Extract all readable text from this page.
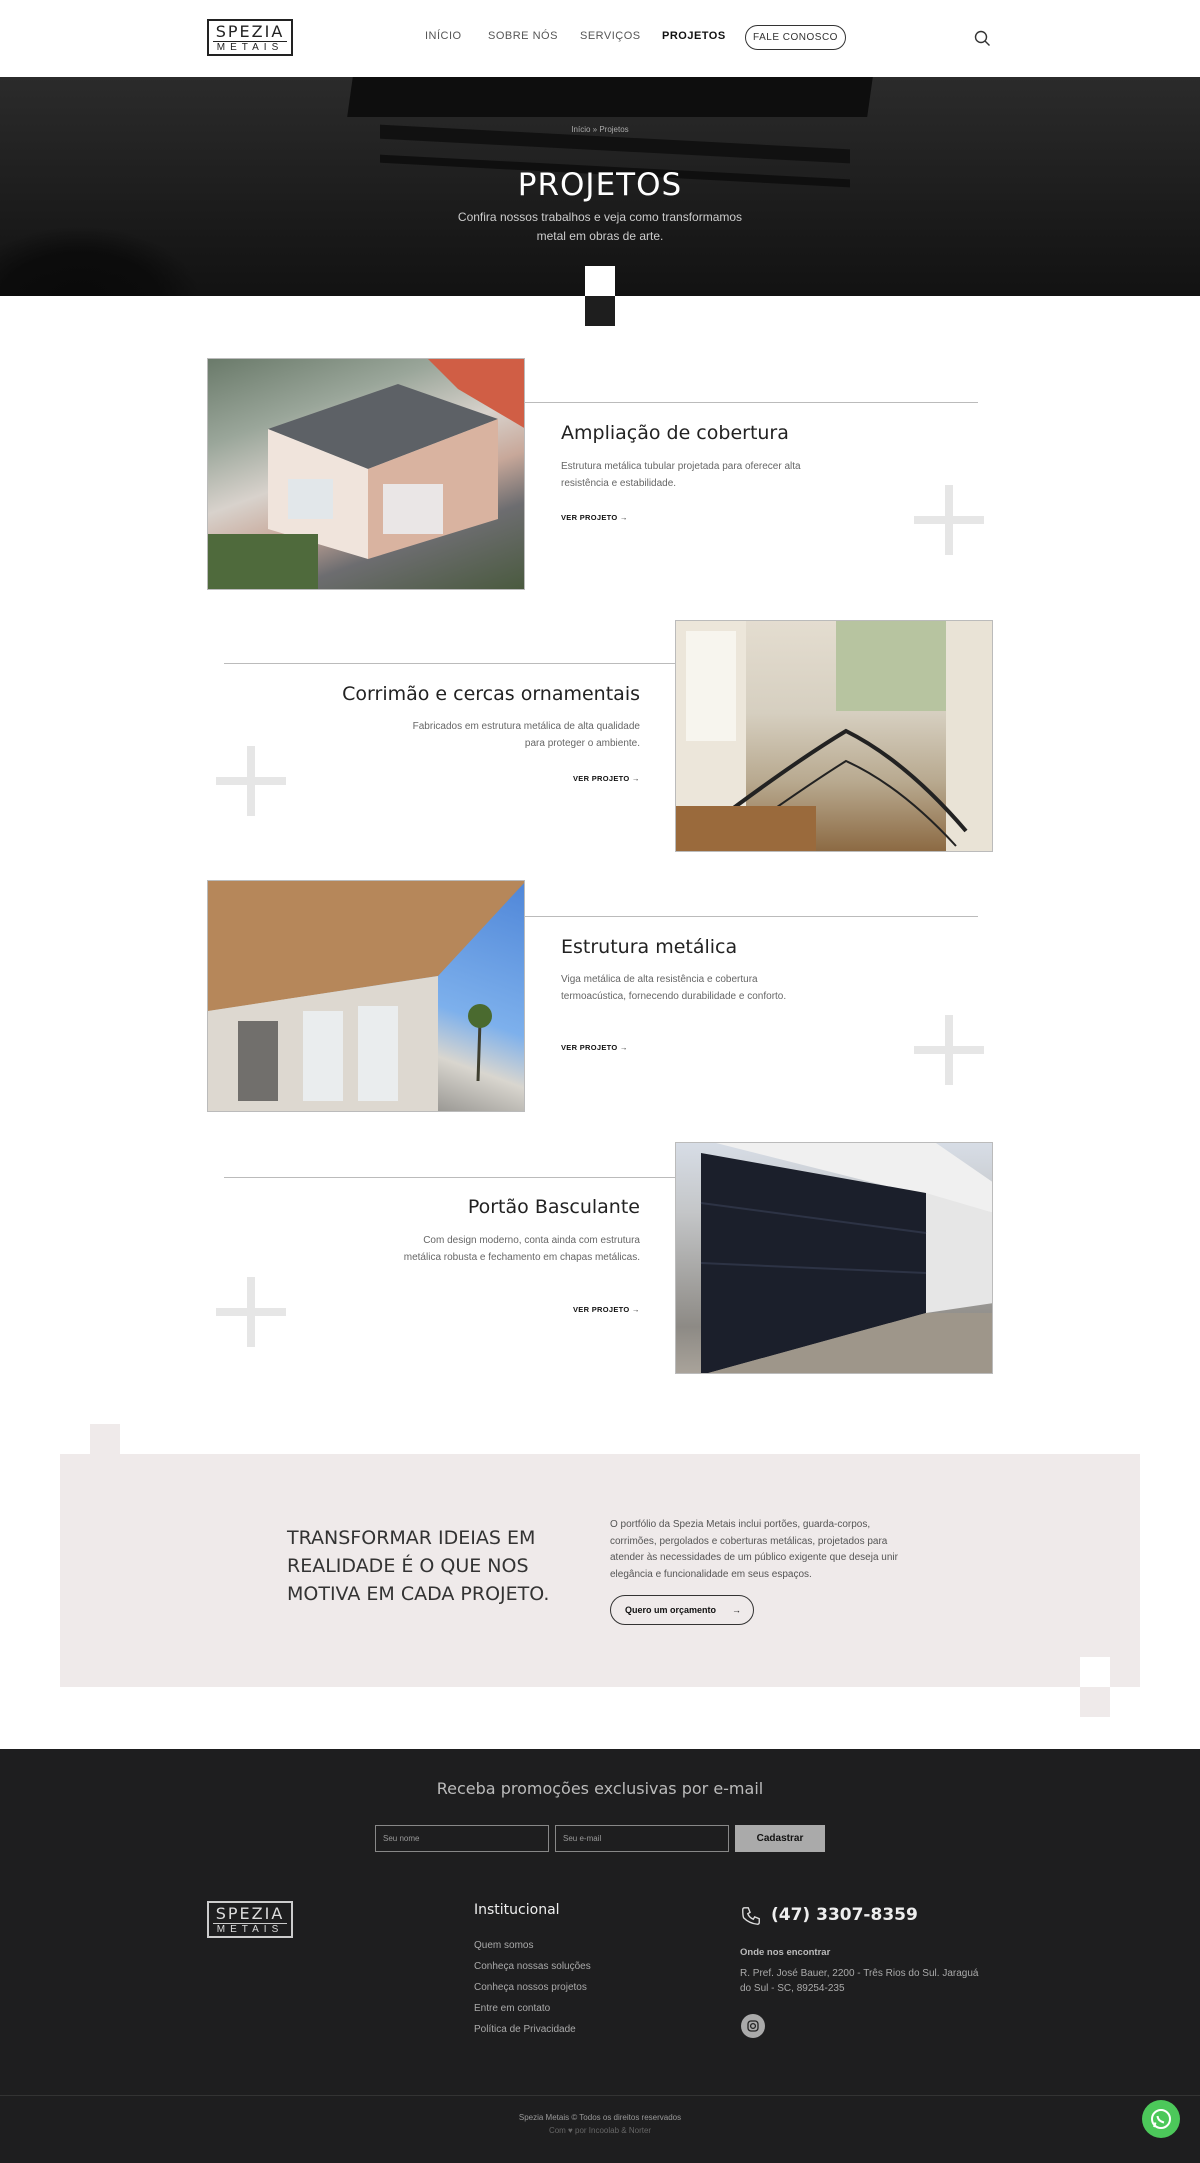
SPEZIA
METAIS
INÍCIO SOBRE NÓS SERVIÇOS PROJETOS	FALE CONOSCO
Início » Projetos
PROJETOS
Confira nossos trabalhos e veja como transformamos metal em obras de arte.
Ampliação de cobertura

Estrutura metálica tubular projetada para oferecer alta resistência e estabilidade.

VER PROJETO →
Corrimão e cercas ornamentais

Fabricados em estrutura metálica de alta qualidade para proteger o ambiente.

VER PROJETO →
Estrutura metálica

Viga metálica de alta resistência e cobertura termoacústica, fornecendo durabilidade e conforto.

VER PROJETO →
Portão Basculante

Com design moderno, conta ainda com estrutura metálica robusta e fechamento em chapas metálicas.

VER PROJETO →
TRANSFORMAR IDEIAS EM REALIDADE É O QUE NOS MOTIVA EM CADA PROJETO.

O portfólio da Spezia Metais inclui portões, guarda-corpos, corrimões, pergolados e coberturas metálicas, projetados para atender às necessidades de um público exigente que deseja unir elegância e funcionalidade em seus espaços.

Quero um orçamento →
Receba promoções exclusivas por e-mail
Seu nome
Seu e-mail
Cadastrar
SPEZIA
METAIS
Institucional
Quem somos
Conheça nossas soluções
Conheça nossos projetos
Entre em contato
Política de Privacidade
(47) 3307-8359
Onde nos encontrar
R. Pref. José Bauer, 2200 - Três Rios do Sul. Jaraguá do Sul - SC, 89254-235
Spezia Metais © Todos os direitos reservados
Com ♥ por Incoolab & Norter
